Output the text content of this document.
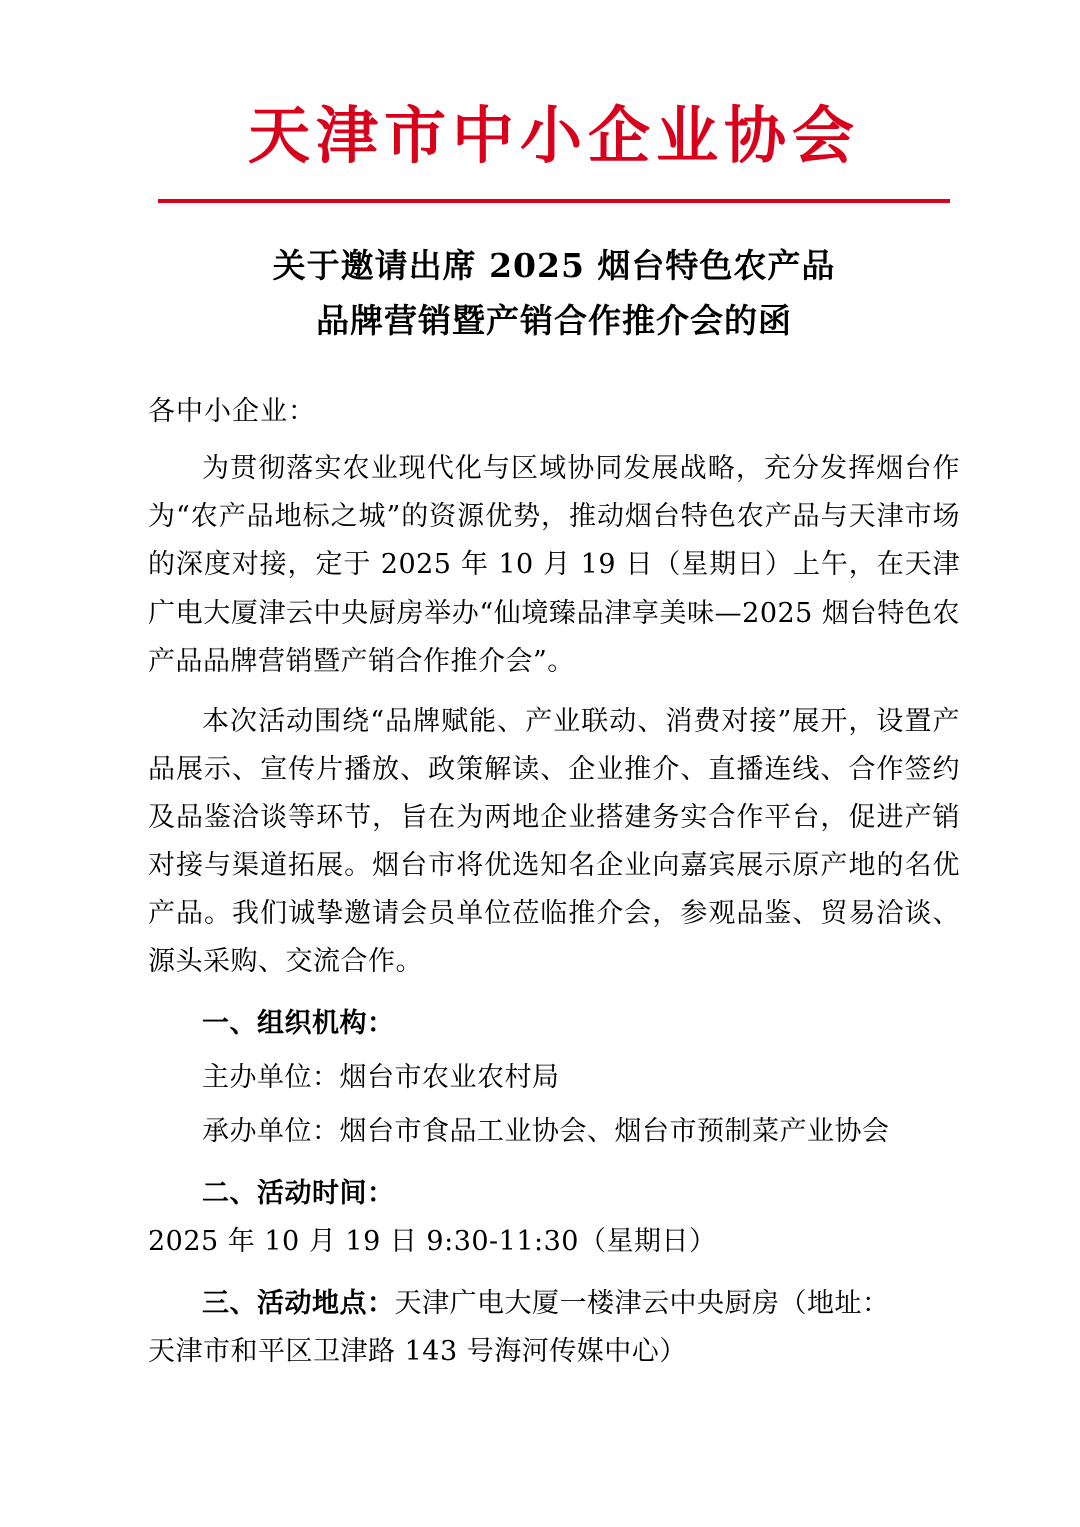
天津市中小企业协会
关于邀请出席 2025 烟台特色农产品
品牌营销暨产销合作推介会的函
各中小企业：

为贯彻落实农业现代化与区域协同发展战略，充分发挥烟台作为“农产品地标之城”的资源优势，推动烟台特色农产品与天津市场的深度对接，定于 2025 年 10 月 19 日（星期日）上午，在天津广电大厦津云中央厨房举办“仙境臻品津享美味—2025 烟台特色农产品品牌营销暨产销合作推介会”。

本次活动围绕“品牌赋能、产业联动、消费对接”展开，设置产品展示、宣传片播放、政策解读、企业推介、直播连线、合作签约及品鉴洽谈等环节，旨在为两地企业搭建务实合作平台，促进产销对接与渠道拓展。烟台市将优选知名企业向嘉宾展示原产地的名优产品。我们诚挚邀请会员单位莅临推介会，参观品鉴、贸易洽谈、源头采购、交流合作。

一、组织机构：
主办单位：烟台市农业农村局
承办单位：烟台市食品工业协会、烟台市预制菜产业协会
二、活动时间：2025 年 10 月 19 日 9:30-11:30（星期日）
三、活动地点：天津广电大厦一楼津云中央厨房（地址：
天津市和平区卫津路 143 号海河传媒中心）
